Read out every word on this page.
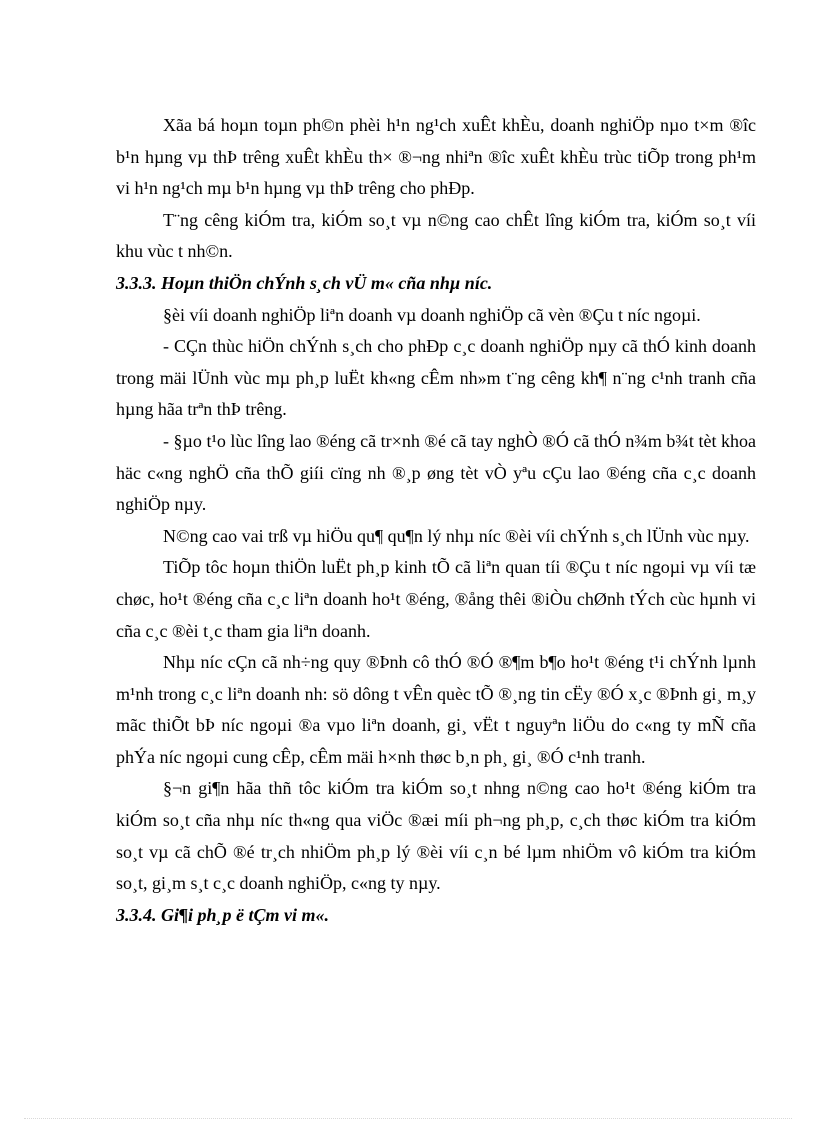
Xãa bá hoµn toµn ph©n phèi h¹n ng¹ch xuÊt khÈu, doanh nghiÖp nµo t×m ®îc b¹n hµng vµ thÞ trêng xuÊt khÈu th× ®¬ng nhiªn ®îc xuÊt khÈu trùc tiÕp trong ph¹m vi h¹n ng¹ch mµ b¹n hµng vµ thÞ trêng cho phÐp.

T¨ng cêng kiÓm tra, kiÓm so¸t vµ n©ng cao chÊt lîng kiÓm tra, kiÓm so¸t víi khu vùc t nh©n.

3.3.3. Hoµn thiÖn chÝnh s¸ch vÜ m« cña nhµ níc.

§èi víi doanh nghiÖp liªn doanh vµ doanh nghiÖp cã vèn ®Çu t níc ngoµi.

- CÇn thùc hiÖn chÝnh s¸ch cho phÐp c¸c doanh nghiÖp nµy cã thÓ kinh doanh trong mäi lÜnh vùc mµ ph¸p luËt kh«ng cÊm nh»m t¨ng cêng kh¶ n¨ng c¹nh tranh cña hµng hãa trªn thÞ trêng.

- §µo t¹o lùc lîng lao ®éng cã tr×nh ®é cã tay nghÒ ®Ó cã thÓ n¾m b¾t tèt khoa häc c«ng nghÖ cña thÕ giíi cïng nh ®¸p øng tèt vÒ yªu cÇu lao ®éng cña c¸c doanh nghiÖp nµy.

N©ng cao vai trß vµ hiÖu qu¶ qu¶n lý nhµ níc ®èi víi chÝnh s¸ch lÜnh vùc nµy.

TiÕp tôc hoµn thiÖn luËt ph¸p kinh tÕ cã liªn quan tíi ®Çu t níc ngoµi vµ víi tæ chøc, ho¹t ®éng cña c¸c liªn doanh ho¹t ®éng, ®ång thêi ®iÒu chØnh tÝch cùc hµnh vi cña c¸c ®èi t¸c tham gia liªn doanh.

Nhµ níc cÇn cã nh÷ng quy ®Þnh cô thÓ ®Ó ®¶m b¶o ho¹t ®éng t¹i chÝnh lµnh m¹nh trong c¸c liªn doanh nh: sö dông t vÊn quèc tÕ ®¸ng tin cËy ®Ó x¸c ®Þnh gi¸ m¸y mãc thiÕt bÞ níc ngoµi ®a vµo liªn doanh, gi¸ vËt t nguyªn liÖu do c«ng ty mÑ cña phÝa níc ngoµi cung cÊp, cÊm mäi h×nh thøc b¸n ph¸ gi¸ ®Ó c¹nh tranh.

§¬n gi¶n hãa thñ tôc kiÓm tra kiÓm so¸t nhng n©ng cao ho¹t ®éng kiÓm tra kiÓm so¸t cña nhµ níc th«ng qua viÖc ®æi míi ph¬ng ph¸p, c¸ch thøc kiÓm tra kiÓm so¸t vµ cã chÕ ®é tr¸ch nhiÖm ph¸p lý ®èi víi c¸n bé lµm nhiÖm vô kiÓm tra kiÓm so¸t, gi¸m s¸t c¸c doanh nghiÖp, c«ng ty nµy.

3.3.4. Gi¶i ph¸p ë tÇm vi m«.
